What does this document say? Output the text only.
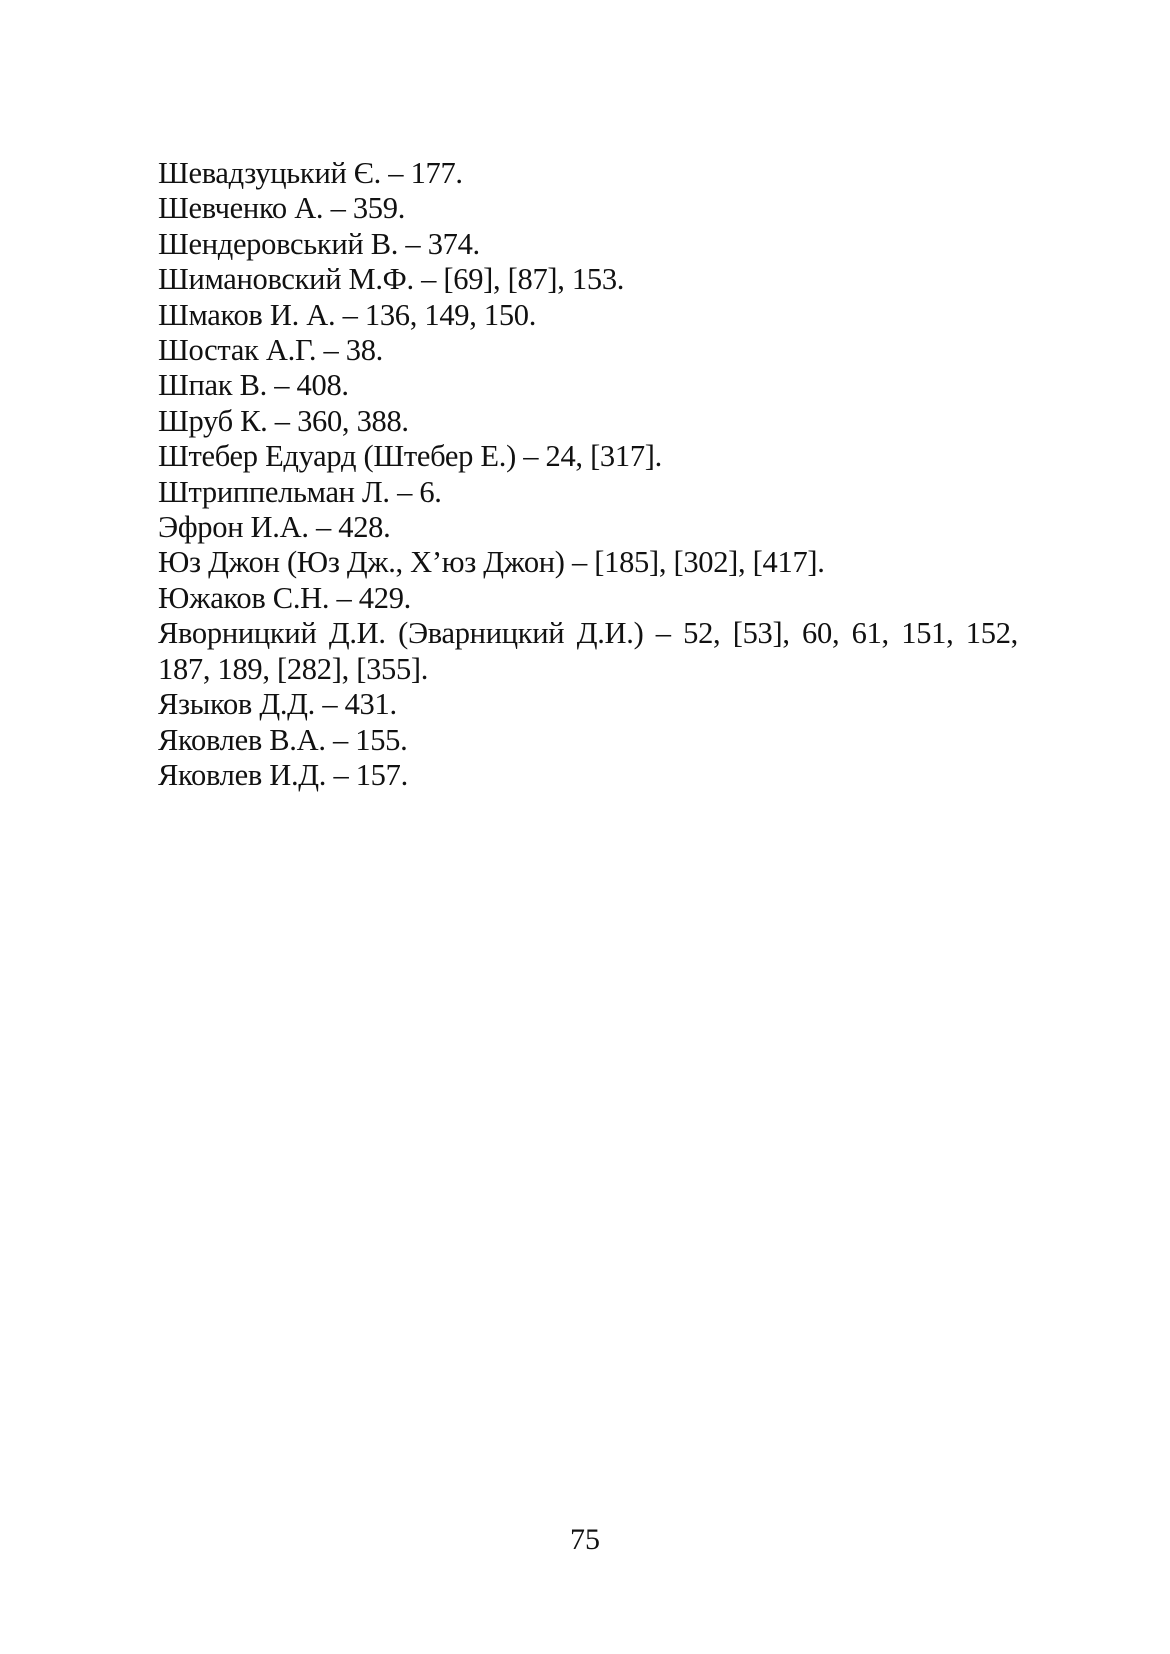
Шевадзуцький Є. – 177.
Шевченко А. – 359.
Шендеровський В. – 374.
Шимановский М.Ф. – [69], [87], 153.
Шмаков И. А. – 136, 149, 150.
Шостак А.Г. – 38.
Шпак В. – 408.
Шруб К. – 360, 388.
Штебер Едуард (Штебер Е.) – 24, [317].
Штриппельман Л. – 6.
Эфрон И.А. – 428.
Юз Джон (Юз Дж., Х’юз Джон) – [185], [302], [417].
Южаков С.Н. – 429.
Яворницкий Д.И. (Эварницкий Д.И.) – 52, [53], 60, 61, 151, 152, 187, 189, [282], [355].
Языков Д.Д. – 431.
Яковлев В.А. – 155.
Яковлев И.Д. – 157.
75
